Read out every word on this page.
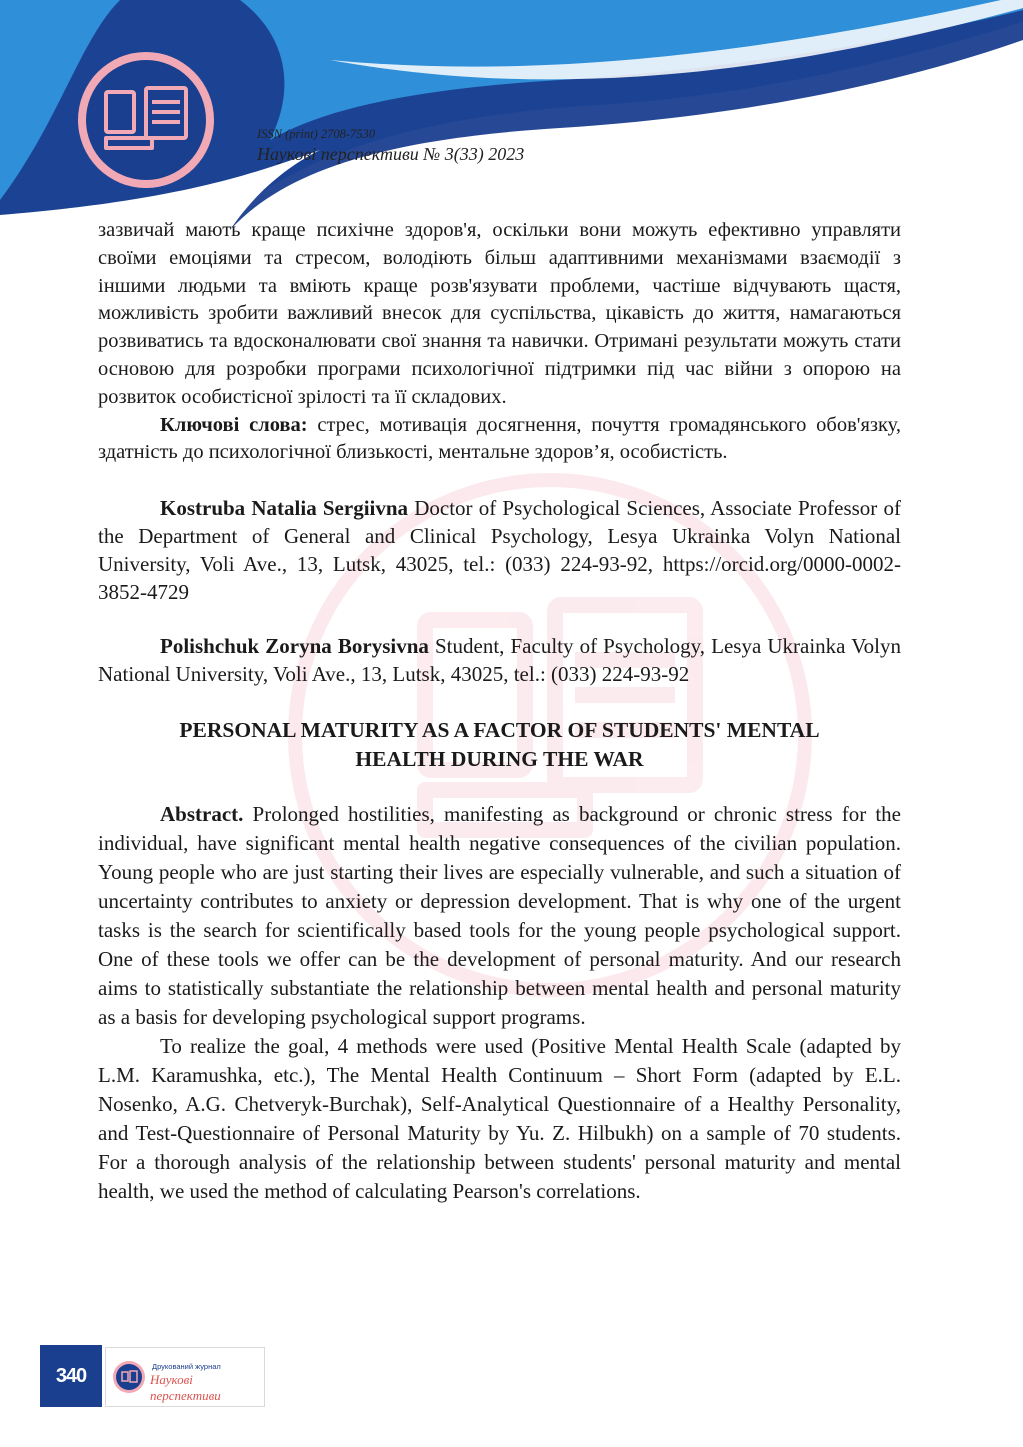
ISSN (print) 2708-7530
Наукові перспективи № 3(33) 2023

зазвичай мають краще психічне здоров'я, оскільки вони можуть ефективно управляти своїми емоціями та стресом, володіють більш адаптивними механізмами взаємодії з іншими людьми та вміють краще розв'язувати проблеми, частіше відчувають щастя, можливість зробити важливий внесок для суспільства, цікавість до життя, намагаються розвиватись та вдосконалювати свої знання та навички. Отримані результати можуть стати основою для розробки програми психологічної підтримки під час війни з опорою на розвиток особистісної зрілості та її складових.

Ключові слова: стрес, мотивація досягнення, почуття громадянського обов'язку, здатність до психологічної близькості, ментальне здоров’я, особистість.

Kostruba Natalia Sergiivna Doctor of Psychological Sciences, Associate Professor of the Department of General and Clinical Psychology, Lesya Ukrainka Volyn National University, Voli Ave., 13, Lutsk, 43025, tel.: (033) 224-93-92, https://orcid.org/0000-0002-3852-4729

Polishchuk Zoryna Borysivna Student, Faculty of Psychology, Lesya Ukrainka Volyn National University, Voli Ave., 13, Lutsk, 43025, tel.: (033) 224-93-92

PERSONAL MATURITY AS A FACTOR OF STUDENTS' MENTAL HEALTH DURING THE WAR

Abstract. Prolonged hostilities, manifesting as background or chronic stress for the individual, have significant mental health negative consequences of the civilian population. Young people who are just starting their lives are especially vulnerable, and such a situation of uncertainty contributes to anxiety or depression development. That is why one of the urgent tasks is the search for scientifically based tools for the young people psychological support. One of these tools we offer can be the development of personal maturity. And our research aims to statistically substantiate the relationship between mental health and personal maturity as a basis for developing psychological support programs.

To realize the goal, 4 methods were used (Positive Mental Health Scale (adapted by L.M. Karamushka, etc.), The Mental Health Continuum – Short Form (adapted by E.L. Nosenko, A.G. Chetveryk-Burchak), Self-Analytical Questionnaire of a Healthy Personality, and Test-Questionnaire of Personal Maturity by Yu. Z. Hilbukh) on a sample of 70 students. For a thorough analysis of the relationship between students' personal maturity and mental health, we used the method of calculating Pearson's correlations.

340	Друкований журнал
Наукові перспективи
